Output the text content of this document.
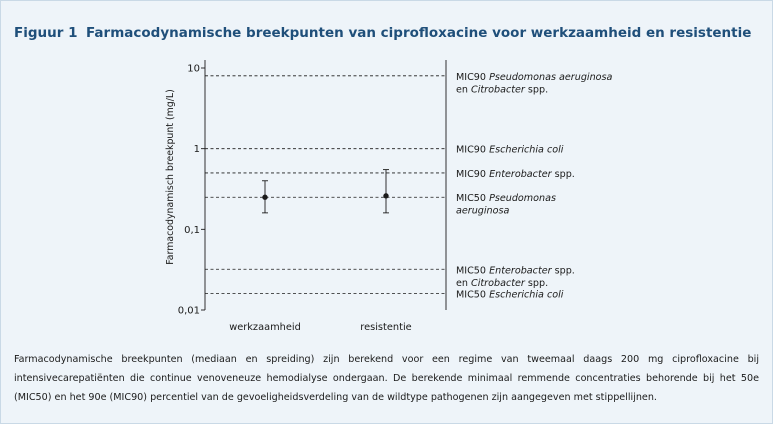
Figuur 1 Farmacodynamische breekpunten van ciprofloxacine voor werkzaamheid en resistentie
10
1
0,1
0,01
Farmacodynamisch breekpunt (mg/L)
MIC90 Pseudomonas aeruginosa
en Citrobacter spp.
MIC90 Escherichia coli
MIC90 Enterobacter spp.
MIC50 Pseudomonas
aeruginosa
MIC50 Enterobacter spp.
en Citrobacter spp.
MIC50 Escherichia coli
werkzaamheid	resistentie
Farmacodynamische breekpunten (mediaan en spreiding) zijn berekend voor een regime van tweemaal daags 200 mg ciprofloxacine bij intensivecarepatiënten die continue venoveneuze hemodialyse ondergaan. De berekende minimaal remmende concentraties behorende bij het 50e (MIC50) en het 90e (MIC90) percentiel van de gevoeligheidsverdeling van de wildtype pathogenen zijn aangegeven met stippellijnen.
